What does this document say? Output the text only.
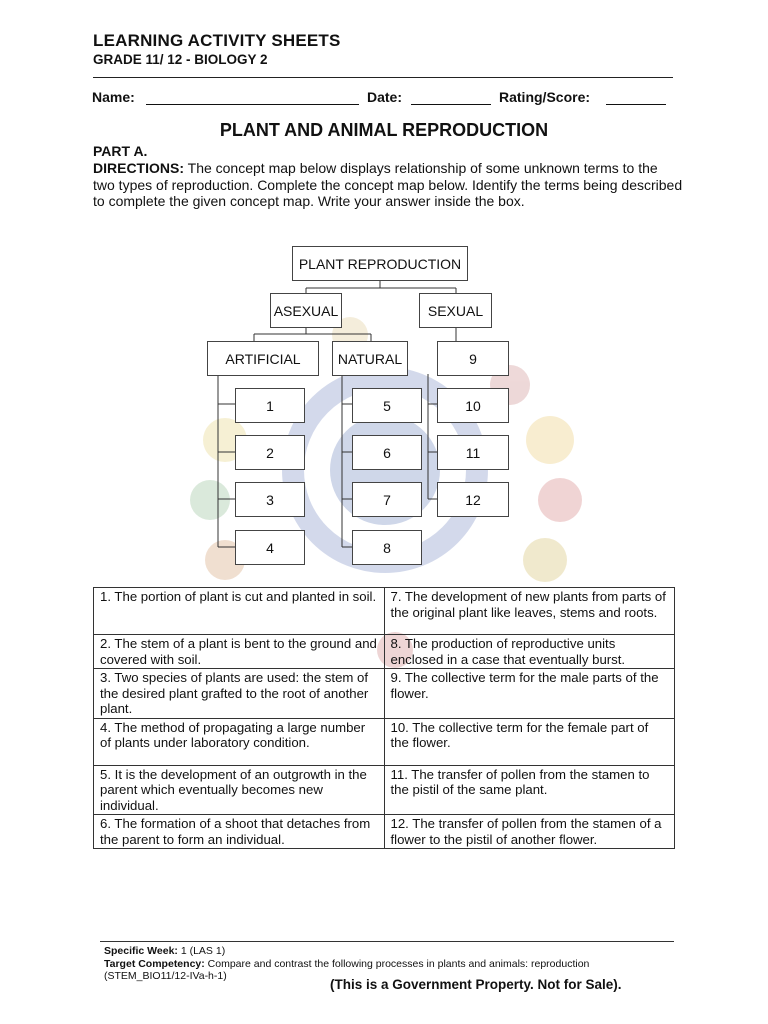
LEARNING ACTIVITY SHEETS
GRADE 11/ 12 - BIOLOGY 2
Name:	Date:	Rating/Score:
PLANT AND ANIMAL REPRODUCTION
PART A.
DIRECTIONS: The concept map below displays relationship of some unknown terms to the two types of reproduction. Complete the concept map below. Identify the terms being described to complete the given concept map. Write your answer inside the box.
PLANT REPRODUCTION
ASEXUAL	SEXUAL
ARTIFICIAL	NATURAL	9
1
2
3
4
5
6
7
8
10
11
12
1. The portion of plant is cut and planted in soil.	7. The development of new plants from parts of the original plant like leaves, stems and roots.
2. The stem of a plant is bent to the ground and covered with soil.	8. The production of reproductive units enclosed in a case that eventually burst.
3. Two species of plants are used: the stem of the desired plant grafted to the root of another plant.	9. The collective term for the male parts of the flower.
4. The method of propagating a large number of plants under laboratory condition.	10. The collective term for the female part of the flower.
5. It is the development of an outgrowth in the parent which eventually becomes new individual.	11. The transfer of pollen from the stamen to the pistil of the same plant.
6. The formation of a shoot that detaches from the parent to form an individual.	12. The transfer of pollen from the stamen of a flower to the pistil of another flower.
Specific Week: 1 (LAS 1)
Target Competency: Compare and contrast the following processes in plants and animals: reproduction
(STEM_BIO11/12-IVa-h-1)
(This is a Government Property. Not for Sale).
